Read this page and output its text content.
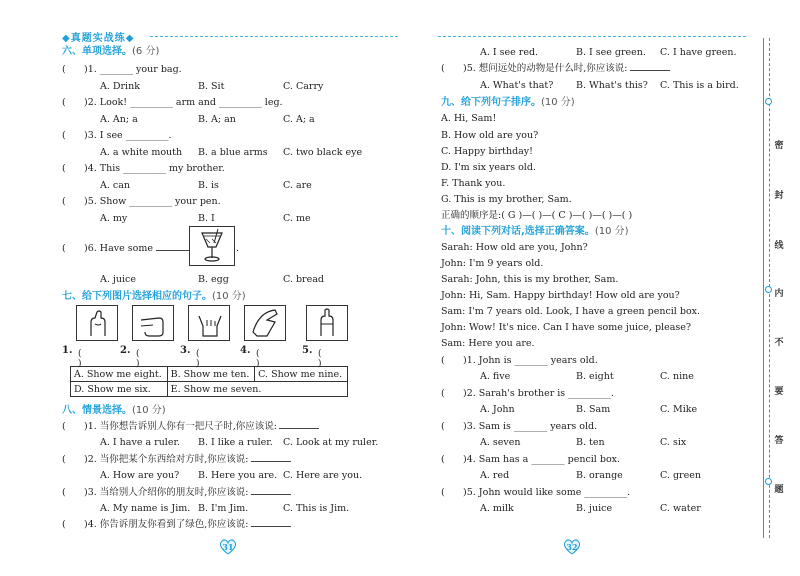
◆真题实战练◆
六、单项选择。(6 分)
( )1. _______ your bag.
A. Drink	B. Sit	C. Carry
( )2. Look! _________ arm and _________ leg.
A. An; a	B. A; an	C. A; a
( )3. I see _________.
A. a white mouth B. a blue arms C. two black eye
( )4. This _________ my brother.
A. can	B. is	C. are
( )5. Show _________ your pen.
A. my	B. I	C. me
( )6. Have some	.
A. juice	B. egg	C. bread
七、给下列图片选择相应的句子。(10 分)
1. ( )
2. ( )
3. ( )
4. ( )
5. ( )
A. Show me eight.	B. Show me ten.	C. Show me nine.
D. Show me six.	E. Show me seven.	
八、情景选择。(10 分)
( )1. 当你想告诉别人你有一把尺子时,你应该说:
A. I have a ruler. B. I like a ruler. C. Look at my ruler.
( )2. 当你把某个东西给对方时,你应该说:
A. How are you? B. Here you are. C. Here are you.
( )3. 当给别人介绍你的朋友时,你应该说:
A. My name is Jim. B. I'm Jim.	C. This is Jim.
( )4. 你告诉朋友你看到了绿色,你应该说:
31
A. I see red.	B. I see green. C. I have green.
( )5. 想问远处的动物是什么时,你应该说:
A. What's that? B. What's this? C. This is a bird.
九、给下列句子排序。(10 分)
A. Hi, Sam!
B. How old are you?
C. Happy birthday!
D. I'm six years old.
F. Thank you.
G. This is my brother, Sam.
正确的顺序是:( G )—( )—( C )—( )—( )—( )
十、阅读下列对话,选择正确答案。(10 分)
Sarah: How old are you, John?
John: I'm 9 years old.
Sarah: John, this is my brother, Sam.
John: Hi, Sam. Happy birthday! How old are you?
Sam: I'm 7 years old. Look, I have a green pencil box.
John: Wow! It's nice. Can I have some juice, please?
Sam: Here you are.
( )1. John is _______ years old.
A. five	B. eight	C. nine
( )2. Sarah's brother is _________.
A. John	B. Sam	C. Mike
( )3. Sam is _______ years old.
A. seven	B. ten	C. six
( )4. Sam has a _______ pencil box.
A. red	B. orange	C. green
( )5. John would like some _________.
A. milk	B. juice	C. water
32
密
封
线
内
不
要
答
题
